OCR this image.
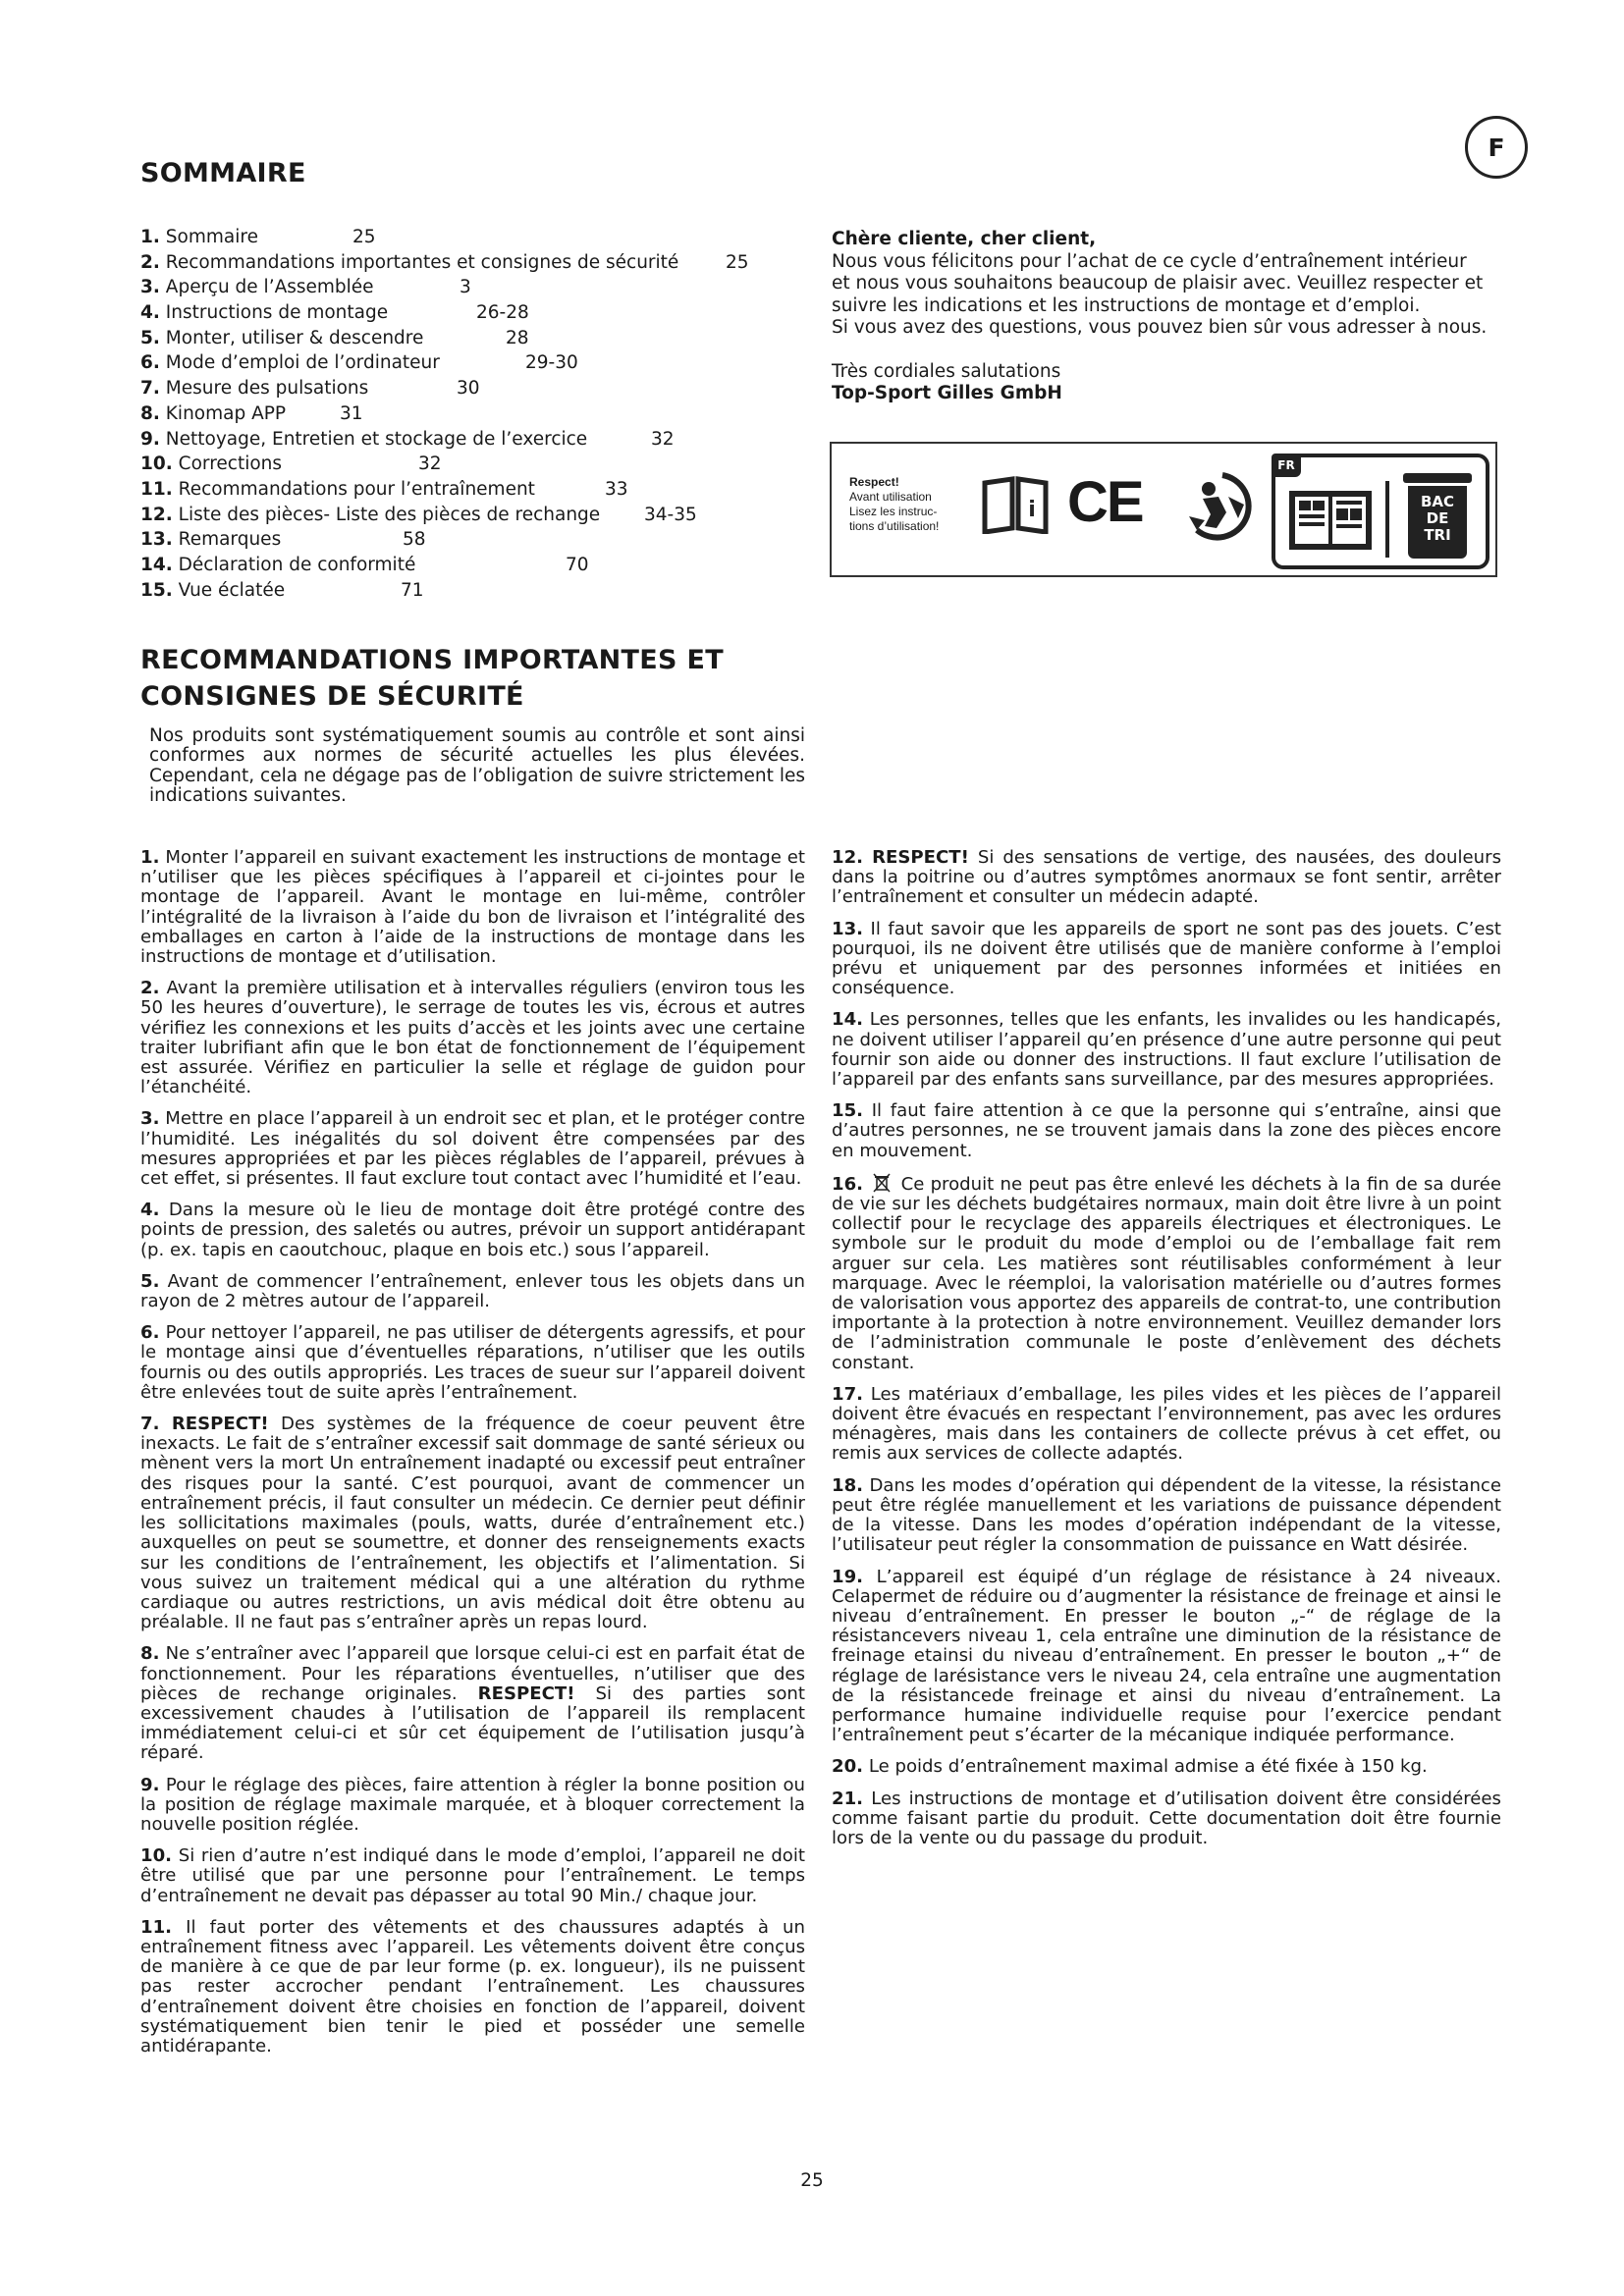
F
SOMMAIRE
1. Sommaire	25
2. Recommandations importantes et consignes de sécurité	25
3. Aperçu de l’Assemblée	3
4. Instructions de montage	26-28
5. Monter, utiliser & descendre	28
6. Mode d’emploi de l’ordinateur	29-30
7. Mesure des pulsations	30
8. Kinomap APP	31
9. Nettoyage, Entretien et stockage de l’exercice	32
10. Corrections	32
11. Recommandations pour l’entraînement	33
12. Liste des pièces- Liste des pièces de rechange 34-35
13. Remarques	58
14. Déclaration de conformité	70
15. Vue éclatée	71

Chère cliente, cher client,

Nous vous félicitons pour l’achat de ce cycle d’entraînement intérieur

et nous vous souhaitons beaucoup de plaisir avec. Veuillez respecter et

suivre les indications et les instructions de montage et d’emploi.

Si vous avez des questions, vous pouvez bien sûr vous adresser à nous.

Très cordiales salutations

Top-Sport Gilles GmbH

Respect!
Avant utilisation
Lisez les instruc-
tions d’utilisation!
i CE
FR
BAC
DE
TRI
RECOMMANDATIONS IMPORTANTES ET
CONSIGNES DE SÉCURITÉ
Nos produits sont systématiquement soumis au contrôle et sont ainsi conformes aux normes de sécurité actuelles les plus élevées. Cependant, cela ne dégage pas de l’obligation de suivre strictement les indications suivantes.

1. Monter l’appareil en suivant exactement les instructions de montage et n’utiliser que les pièces spécifiques à l’appareil et ci-jointes pour le montage de l’appareil. Avant le montage en lui-même, contrôler l’intégralité de la livraison à l’aide du bon de livraison et l’intégralité des emballages en carton à l’aide de la instructions de montage dans les instructions de montage et d’utilisation.

2. Avant la première utilisation et à intervalles réguliers (environ tous les 50 les heures d’ouverture), le serrage de toutes les vis, écrous et autres vérifiez les connexions et les puits d’accès et les joints avec une certaine traiter lubrifiant afin que le bon état de fonctionnement de l’équipement est assurée. Vérifiez en particulier la selle et réglage de guidon pour l’étanchéité.

3. Mettre en place l’appareil à un endroit sec et plan, et le protéger contre l’humidité. Les inégalités du sol doivent être compensées par des mesures appropriées et par les pièces réglables de l’appareil, prévues à cet effet, si présentes. Il faut exclure tout contact avec l’humidité et l’eau.

4. Dans la mesure où le lieu de montage doit être protégé contre des points de pression, des saletés ou autres, prévoir un support antidérapant (p. ex. tapis en caoutchouc, plaque en bois etc.) sous l’appareil.

5. Avant de commencer l’entraînement, enlever tous les objets dans un rayon de 2 mètres autour de l’appareil.

6. Pour nettoyer l’appareil, ne pas utiliser de détergents agressifs, et pour le montage ainsi que d’éventuelles réparations, n’utiliser que les outils fournis ou des outils appropriés. Les traces de sueur sur l’appareil doivent être enlevées tout de suite après l’entraînement.

7. RESPECT! Des systèmes de la fréquence de coeur peuvent être inexacts. Le fait de s’entraîner excessif sait dommage de santé sérieux ou mènent vers la mort Un entraînement inadapté ou excessif peut entraîner des risques pour la santé. C’est pourquoi, avant de commencer un entraînement précis, il faut consulter un médecin. Ce dernier peut définir les sollicitations maximales (pouls, watts, durée d’entraînement etc.) auxquelles on peut se soumettre, et donner des renseignements exacts sur les conditions de l’entraînement, les objectifs et l’alimentation. Si vous suivez un traitement médical qui a une altération du rythme cardiaque ou autres restrictions, un avis médical doit être obtenu au préalable. Il ne faut pas s’entraîner après un repas lourd.

8. Ne s’entraîner avec l’appareil que lorsque celui-ci est en parfait état de fonctionnement. Pour les réparations éventuelles, n’utiliser que des pièces de rechange originales. RESPECT! Si des parties sont excessivement chaudes à l’utilisation de l’appareil ils remplacent immédiatement celui-ci et sûr cet équipement de l’utilisation jusqu’à réparé.

9. Pour le réglage des pièces, faire attention à régler la bonne position ou la position de réglage maximale marquée, et à bloquer correctement la nouvelle position réglée.

10. Si rien d’autre n’est indiqué dans le mode d’emploi, l’appareil ne doit être utilisé que par une personne pour l’entraînement. Le temps d’entraînement ne devait pas dépasser au total 90 Min./ chaque jour.

11. Il faut porter des vêtements et des chaussures adaptés à un entraînement fitness avec l’appareil. Les vêtements doivent être conçus de manière à ce que de par leur forme (p. ex. longueur), ils ne puissent pas rester accrocher pendant l’entraînement. Les chaussures d’entraînement doivent être choisies en fonction de l’appareil, doivent systématiquement bien tenir le pied et posséder une semelle antidérapante.

12. RESPECT! Si des sensations de vertige, des nausées, des douleurs dans la poitrine ou d’autres symptômes anormaux se font sentir, arrêter l’entraînement et consulter un médecin adapté.

13. Il faut savoir que les appareils de sport ne sont pas des jouets. C’est pourquoi, ils ne doivent être utilisés que de manière conforme à l’emploi prévu et uniquement par des personnes informées et initiées en conséquence.

14. Les personnes, telles que les enfants, les invalides ou les handicapés, ne doivent utiliser l’appareil qu’en présence d’une autre personne qui peut fournir son aide ou donner des instructions. Il faut exclure l’utilisation de l’appareil par des enfants sans surveillance, par des mesures appropriées.

15. Il faut faire attention à ce que la personne qui s’entraîne, ainsi que d’autres personnes, ne se trouvent jamais dans la zone des pièces encore en mouvement.

16. Ce produit ne peut pas être enlevé les déchets à la fin de sa durée de vie sur les déchets budgétaires normaux, main doit être livre à un point collectif pour le recyclage des appareils électriques et électroniques. Le symbole sur le produit du mode d’emploi ou de l’emballage fait rem arguer sur cela. Les matières sont réutilisables conformément à leur marquage. Avec le réemploi, la valorisation matérielle ou d’autres formes de valorisation vous apportez des appareils de contrat-to, une contribution importante à la protection à notre environnement. Veuillez demander lors de l’administration communale le poste d’enlèvement des déchets constant.

17. Les matériaux d’emballage, les piles vides et les pièces de l’appareil doivent être évacués en respectant l’environnement, pas avec les ordures ménagères, mais dans les containers de collecte prévus à cet effet, ou remis aux services de collecte adaptés.

18. Dans les modes d’opération qui dépendent de la vitesse, la résistance peut être réglée manuellement et les variations de puissance dépendent de la vitesse. Dans les modes d’opération indépendant de la vitesse, l’utilisateur peut régler la consommation de puissance en Watt désirée.

19. L’appareil est équipé d’un réglage de résistance à 24 niveaux. Celapermet de réduire ou d’augmenter la résistance de freinage et ainsi le niveau d’entraînement. En presser le bouton „-“ de réglage de la résistancevers niveau 1, cela entraîne une diminution de la résistance de freinage etainsi du niveau d’entraînement. En presser le bouton „+“ de réglage de larésistance vers le niveau 24, cela entraîne une augmentation de la résistancede freinage et ainsi du niveau d’entraînement. La performance humaine individuelle requise pour l’exercice pendant l’entraînement peut s’écarter de la mécanique indiquée performance.

20. Le poids d’entraînement maximal admise a été fixée à 150 kg.

21. Les instructions de montage et d’utilisation doivent être considérées comme faisant partie du produit. Cette documentation doit être fournie lors de la vente ou du passage du produit.

25
